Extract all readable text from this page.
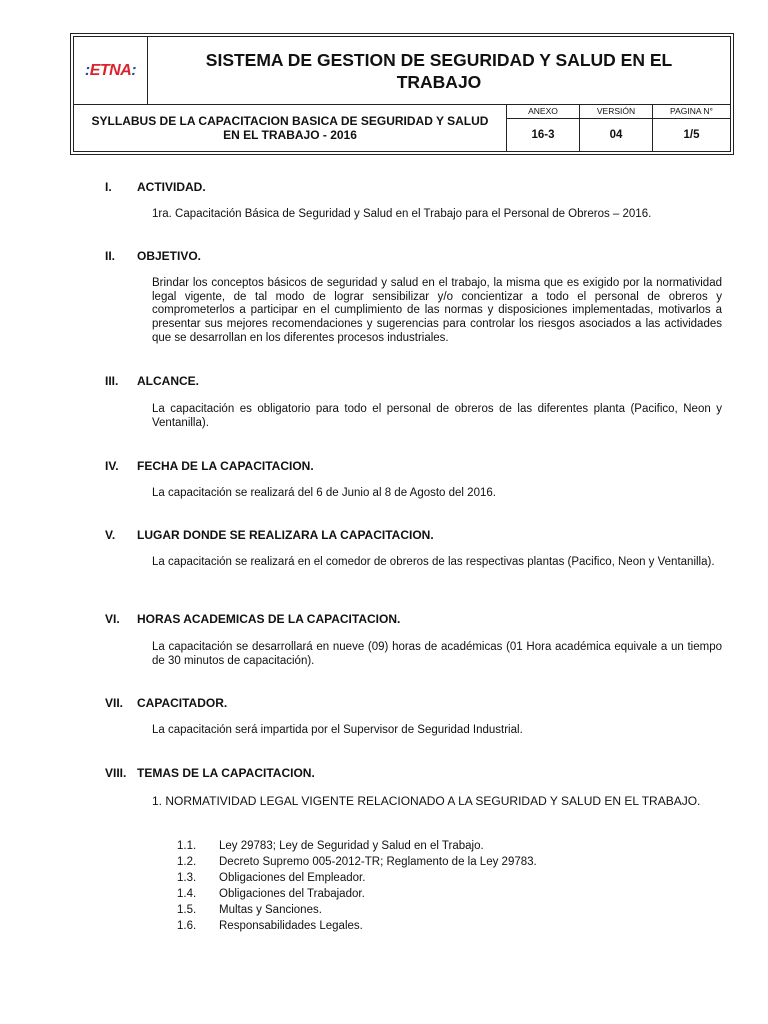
:ETNA:
SISTEMA DE GESTION DE SEGURIDAD Y SALUD EN EL TRABAJO
SYLLABUS DE LA CAPACITACION BASICA DE SEGURIDAD Y SALUD EN EL TRABAJO - 2016
ANEXO
16-3
VERSIÓN
04
PAGINA N°
1/5
I. ACTIVIDAD.
1ra. Capacitación Básica de Seguridad y Salud en el Trabajo para el Personal de Obreros – 2016.
II. OBJETIVO.
Brindar los conceptos básicos de seguridad y salud en el trabajo, la misma que es exigido por la normatividad legal vigente, de tal modo de lograr sensibilizar y/o concientizar a todo el personal de obreros y comprometerlos a participar en el cumplimiento de las normas y disposiciones implementadas, motivarlos a presentar sus mejores recomendaciones y sugerencias para controlar los riesgos asociados a las actividades que se desarrollan en los diferentes procesos industriales.
III. ALCANCE.
La capacitación es obligatorio para todo el personal de obreros de las diferentes planta (Pacifico, Neon y Ventanilla).
IV. FECHA DE LA CAPACITACION.
La capacitación se realizará del 6 de Junio al 8 de Agosto del 2016.
V. LUGAR DONDE SE REALIZARA LA CAPACITACION.
La capacitación se realizará en el comedor de obreros de las respectivas plantas (Pacifico, Neon y Ventanilla).
VI. HORAS ACADEMICAS DE LA CAPACITACION.
La capacitación se desarrollará en nueve (09) horas de académicas (01 Hora académica equivale a un tiempo de 30 minutos de capacitación).
VII. CAPACITADOR.
La capacitación será impartida por el Supervisor de Seguridad Industrial.
VIII. TEMAS DE LA CAPACITACION.
1. NORMATIVIDAD LEGAL VIGENTE RELACIONADO A LA SEGURIDAD Y SALUD EN EL TRABAJO.
1.1. Ley 29783; Ley de Seguridad y Salud en el Trabajo.
1.2. Decreto Supremo 005-2012-TR; Reglamento de la Ley 29783.
1.3. Obligaciones del Empleador.
1.4. Obligaciones del Trabajador.
1.5. Multas y Sanciones.
1.6. Responsabilidades Legales.
